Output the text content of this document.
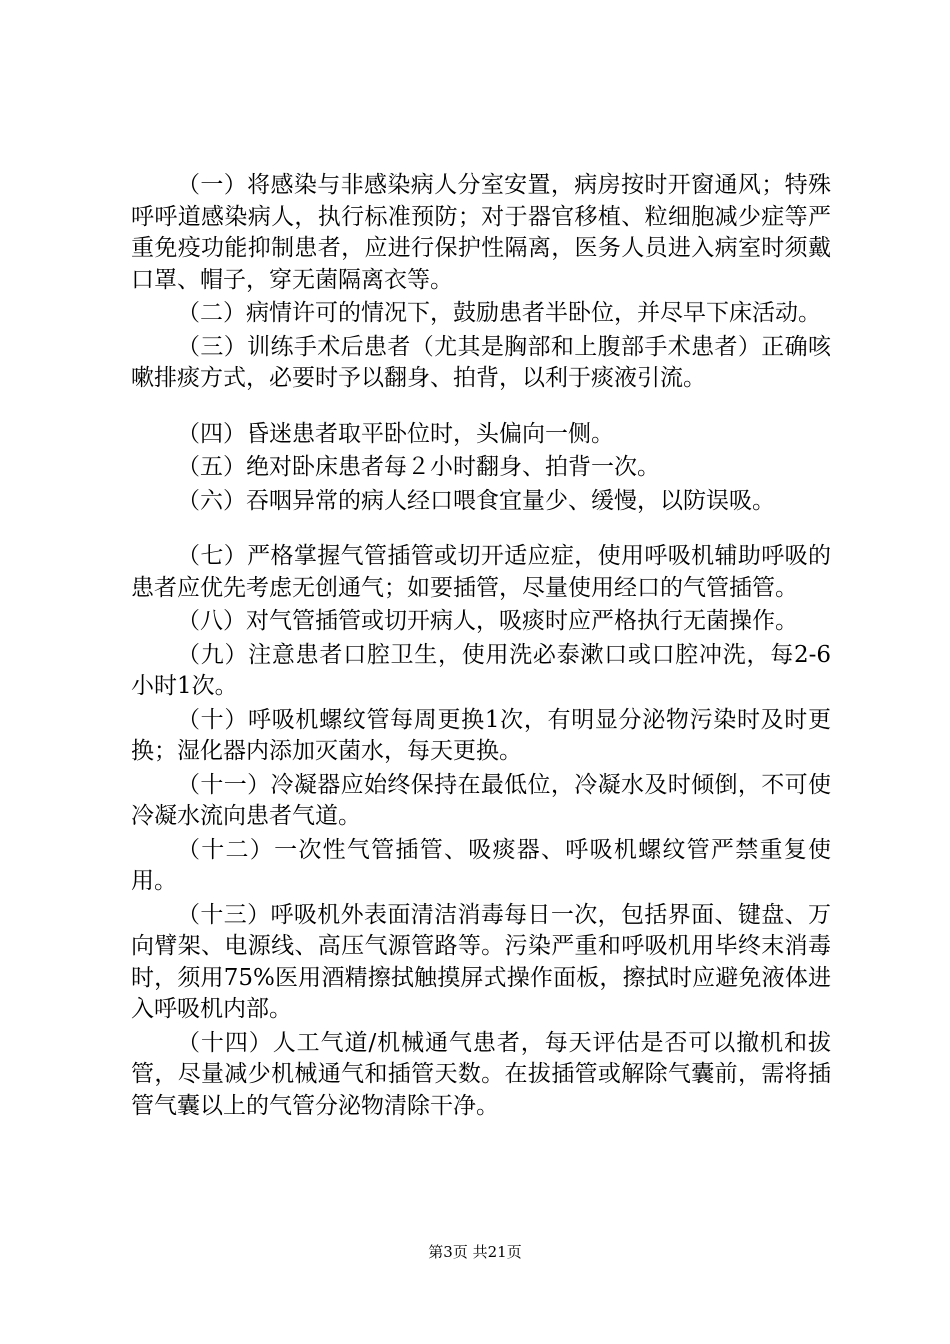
（一）将感染与非感染病人分室安置，病房按时开窗通风；特殊呼呼道感染病人，执行标准预防；对于器官移植、粒细胞减少症等严重免疫功能抑制患者，应进行保护性隔离，医务人员进入病室时须戴口罩、帽子，穿无菌隔离衣等。

（二）病情许可的情况下，鼓励患者半卧位，并尽早下床活动。

（三）训练手术后患者（尤其是胸部和上腹部手术患者）正确咳嗽排痰方式，必要时予以翻身、拍背，以利于痰液引流。

（四）昏迷患者取平卧位时，头偏向一侧。

（五）绝对卧床患者每２小时翻身、拍背一次。

（六）吞咽异常的病人经口喂食宜量少、缓慢，以防误吸。

（七）严格掌握气管插管或切开适应症，使用呼吸机辅助呼吸的患者应优先考虑无创通气；如要插管，尽量使用经口的气管插管。

（八）对气管插管或切开病人，吸痰时应严格执行无菌操作。

（九）注意患者口腔卫生，使用洗必泰漱口或口腔冲洗，每2-6小时1次。

（十）呼吸机螺纹管每周更换1次，有明显分泌物污染时及时更换；湿化器内添加灭菌水，每天更换。

（十一）冷凝器应始终保持在最低位，冷凝水及时倾倒，不可使冷凝水流向患者气道。

（十二）一次性气管插管、吸痰器、呼吸机螺纹管严禁重复使用。

（十三）呼吸机外表面清洁消毒每日一次，包括界面、键盘、万向臂架、电源线、高压气源管路等。污染严重和呼吸机用毕终末消毒时，须用75%医用酒精擦拭触摸屏式操作面板，擦拭时应避免液体进入呼吸机内部。

（十四）人工气道/机械通气患者，每天评估是否可以撤机和拔管，尽量减少机械通气和插管天数。在拔插管或解除气囊前，需将插管气囊以上的气管分泌物清除干净。

第3页 共21页
